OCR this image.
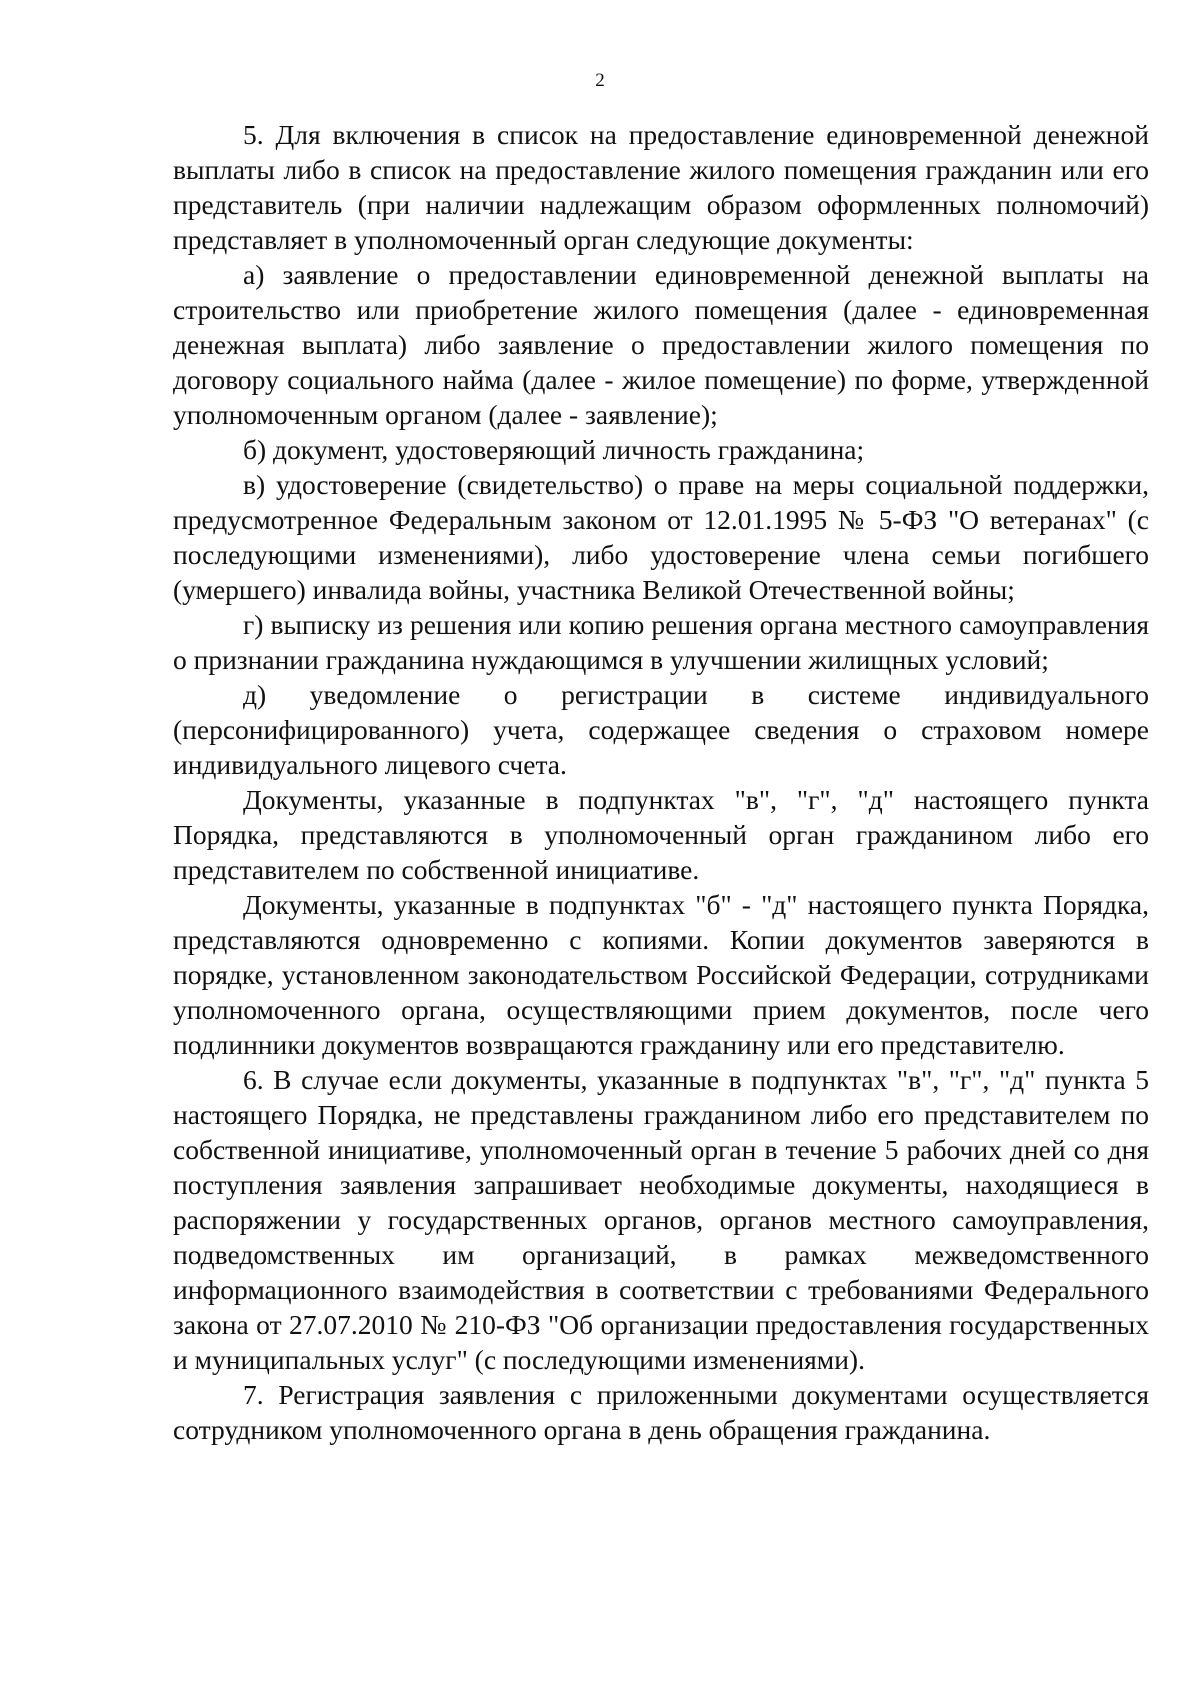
2

5. Для включения в список на предоставление единовременной денежной выплаты либо в список на предоставление жилого помещения гражданин или его представитель (при наличии надлежащим образом оформленных полномочий) представляет в уполномоченный орган следующие документы:

а) заявление о предоставлении единовременной денежной выплаты на строительство или приобретение жилого помещения (далее - единовременная денежная выплата) либо заявление о предоставлении жилого помещения по договору социального найма (далее - жилое помещение) по форме, утвержденной уполномоченным органом (далее - заявление);

б) документ, удостоверяющий личность гражданина;

в) удостоверение (свидетельство) о праве на меры социальной поддержки, предусмотренное Федеральным законом от 12.01.1995 № 5-ФЗ "О ветеранах" (с последующими изменениями), либо удостоверение члена семьи погибшего (умершего) инвалида войны, участника Великой Отечественной войны;

г) выписку из решения или копию решения органа местного самоуправления о признании гражданина нуждающимся в улучшении жилищных условий;

д) уведомление о регистрации в системе индивидуального (персонифицированного) учета, содержащее сведения о страховом номере индивидуального лицевого счета.

Документы, указанные в подпунктах "в", "г", "д" настоящего пункта Порядка, представляются в уполномоченный орган гражданином либо его представителем по собственной инициативе.

Документы, указанные в подпунктах "б" - "д" настоящего пункта Порядка, представляются одновременно с копиями. Копии документов заверяются в порядке, установленном законодательством Российской Федерации, сотрудниками уполномоченного органа, осуществляющими прием документов, после чего подлинники документов возвращаются гражданину или его представителю.

6. В случае если документы, указанные в подпунктах "в", "г", "д" пункта 5 настоящего Порядка, не представлены гражданином либо его представителем по собственной инициативе, уполномоченный орган в течение 5 рабочих дней со дня поступления заявления запрашивает необходимые документы, находящиеся в распоряжении у государственных органов, органов местного самоуправления, подведомственных им организаций, в рамках межведомственного информационного взаимодействия в соответствии с требованиями Федерального закона от 27.07.2010 № 210-ФЗ "Об организации предоставления государственных и муниципальных услуг" (с последующими изменениями).

7. Регистрация заявления с приложенными документами осуществляется сотрудником уполномоченного органа в день обращения гражданина.
